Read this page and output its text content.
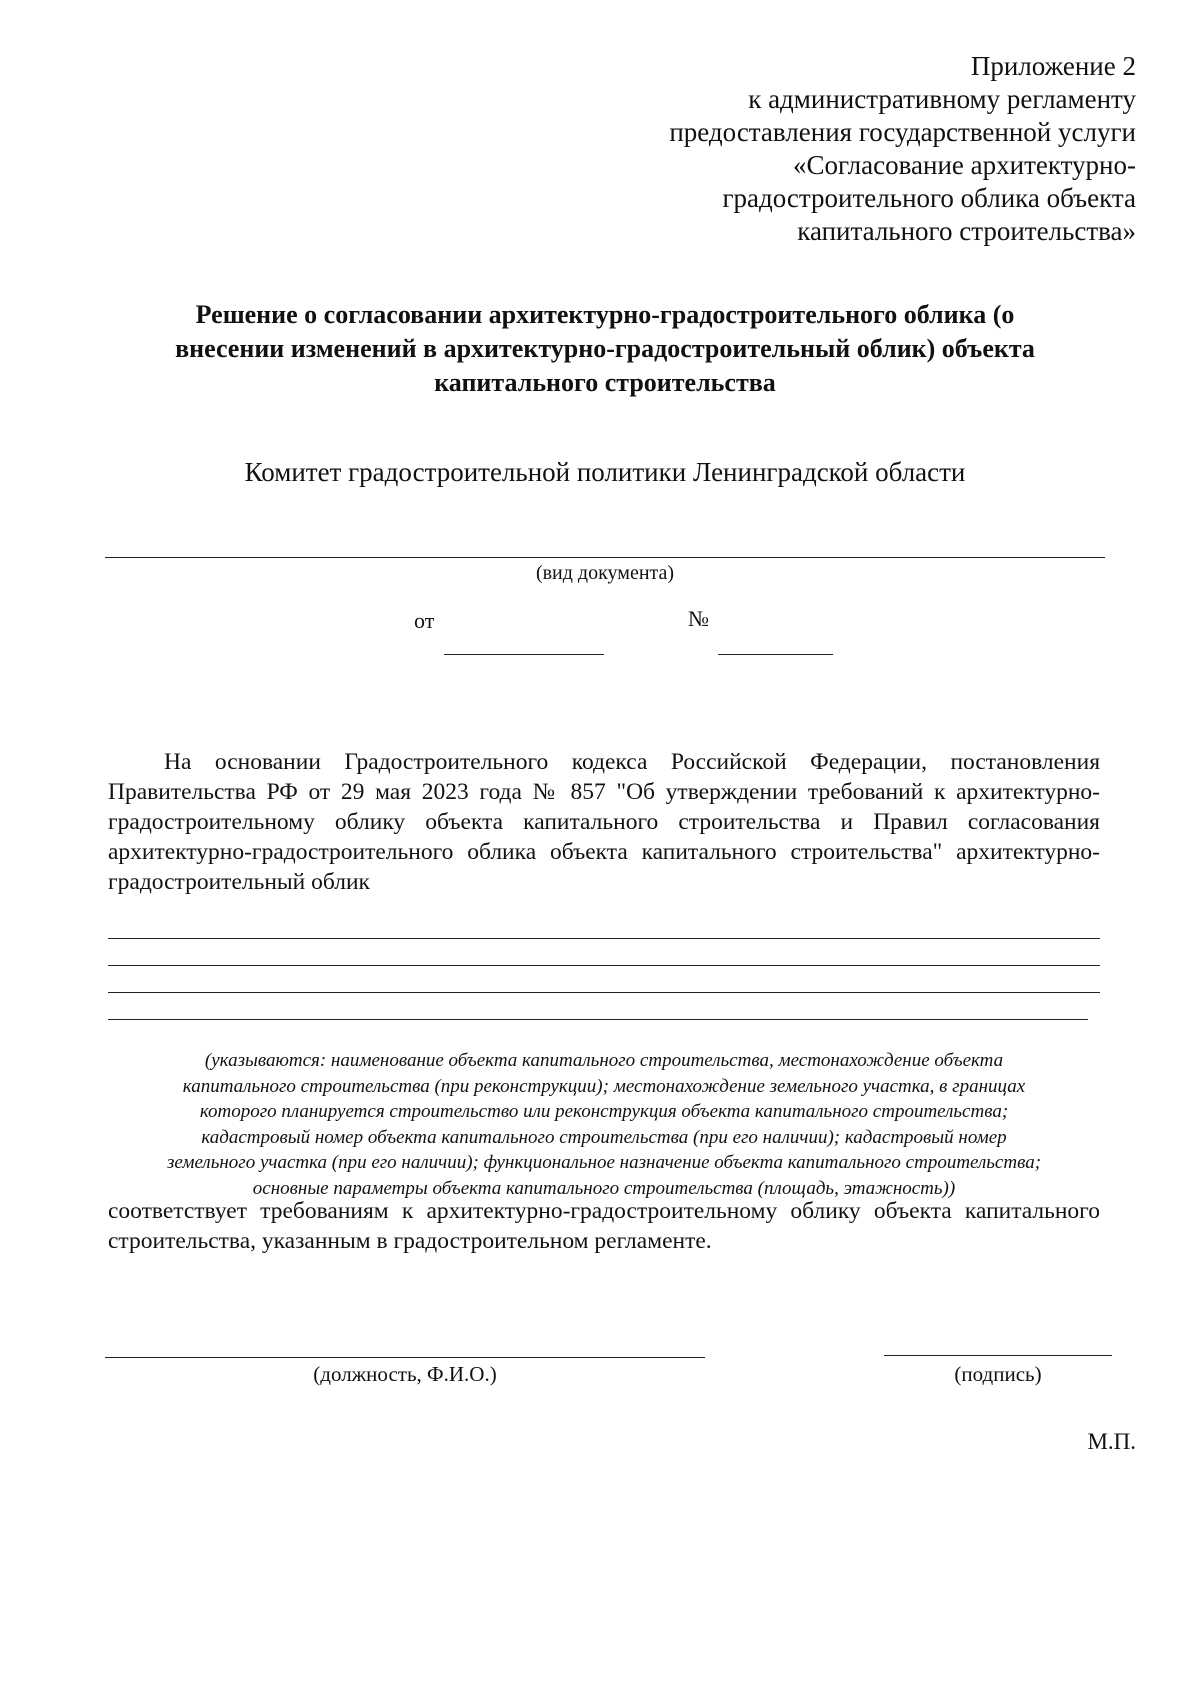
Приложение 2
к административному регламенту
предоставления государственной услуги
«Согласование архитектурно-
градостроительного облика объекта
капитального строительства»
Решение о согласовании архитектурно-градостроительного облика (о
внесении изменений в архитектурно-градостроительный облик) объекта
капитального строительства
Комитет градостроительной политики Ленинградской области
(вид документа)
от	№
На основании Градостроительного кодекса Российской Федерации, постановления
Правительства РФ от 29 мая 2023 года № 857 "Об утверждении требований к архитектурно-
градостроительному облику объекта капитального строительства и Правил согласования
архитектурно-градостроительного облика объекта капитального строительства" архитектурно-
градостроительный облик
(указываются: наименование объекта капитального строительства, местонахождение объекта
капитального строительства (при реконструкции); местонахождение земельного участка, в границах
которого планируется строительство или реконструкция объекта капитального строительства;
кадастровый номер объекта капитального строительства (при его наличии); кадастровый номер
земельного участка (при его наличии); функциональное назначение объекта капитального строительства;
основные параметры объекта капитального строительства (площадь, этажность))
соответствует требованиям к архитектурно-градостроительному облику объекта капитального
строительства, указанным в градостроительном регламенте.
(должность, Ф.И.О.)	(подпись)
М.П.
